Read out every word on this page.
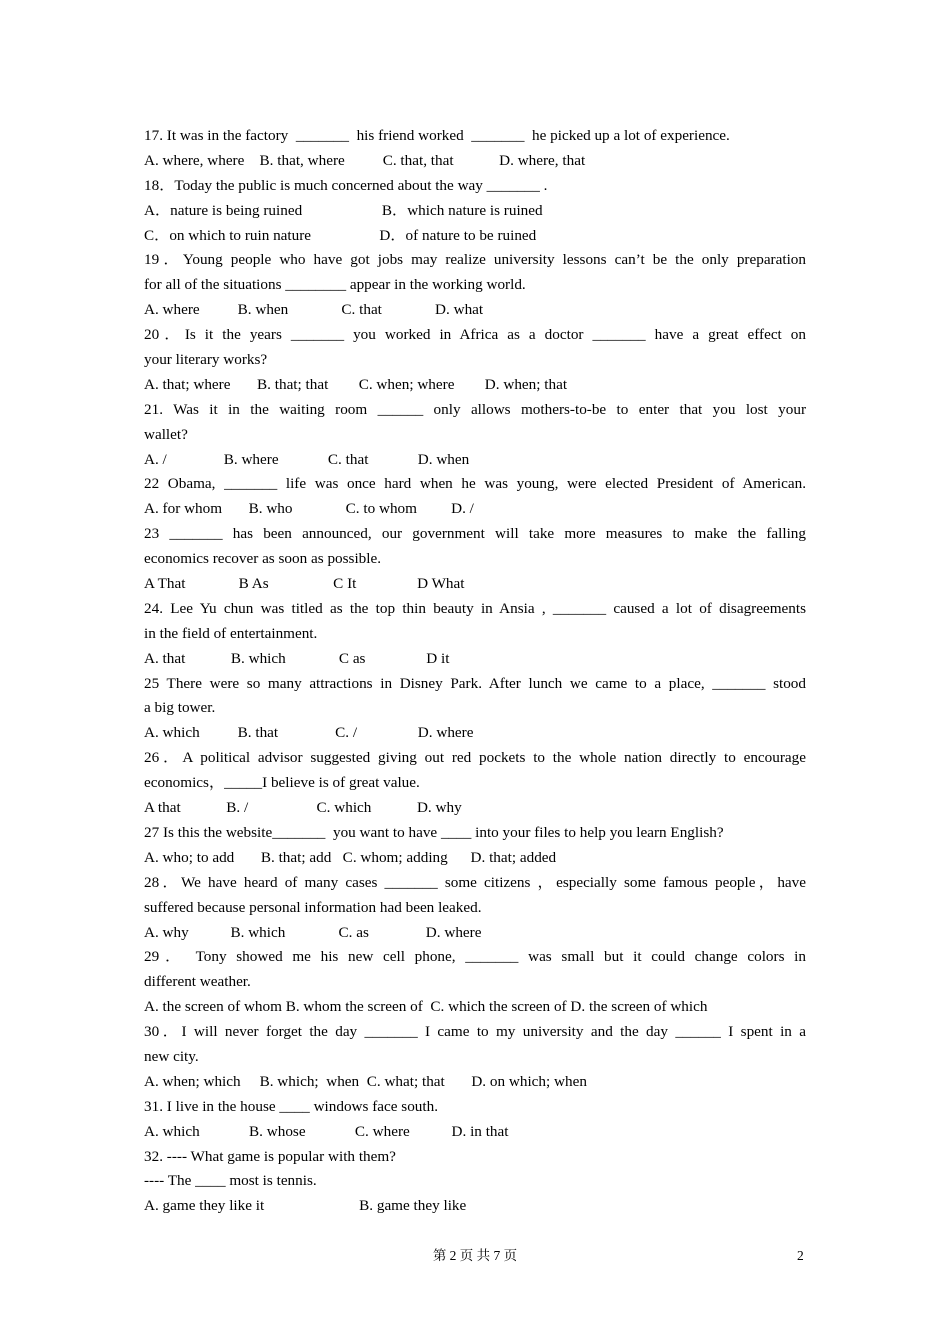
17. It was in the factory  _______  his friend worked  _______  he picked up a lot of experience.
A. where, where    B. that, where          C. that, that            D. where, that
18．Today the public is much concerned about the way _______ .
A．nature is being ruined                     B．which nature is ruined
C．on which to ruin nature                  D．of nature to be ruined
19．Young people who have got jobs may realize university lessons can’t be the only preparation
for all of the situations ________ appear in the working world.
A. where          B. when              C. that              D. what
20．Is it the years _______ you worked in Africa as a doctor _______ have a great effect on
your literary works?
A. that; where       B. that; that        C. when; where        D. when; that
21. Was it in the waiting room ______ only allows mothers-to-be to enter that you lost your
wallet?
A. /               B. where             C. that             D. when
22 Obama, _______ life was once hard when he was young, were elected President of American.
A. for whom       B. who              C. to whom         D. /
23 _______ has been announced, our government will take more measures to make the falling
economics recover as soon as possible.
A That              B As                 C It                D What
24. Lee Yu chun was titled as the top thin beauty in Ansia , _______ caused a lot of disagreements
in the field of entertainment.
A. that            B. which              C as                D it
25 There were so many attractions in Disney Park. After lunch we came to a place, _______ stood
a big tower.
A. which          B. that               C. /                D. where
26．A political advisor suggested giving out red pockets to the whole nation directly to encourage
economics，_____I believe is of great value.
A that            B. /                  C. which            D. why
27 Is this the website_______  you want to have ____ into your files to help you learn English?
A. who; to add       B. that; add   C. whom; adding      D. that; added
28．We have heard of many cases _______ some citizens ，especially some famous people，have
suffered because personal information had been leaked.
A. why           B. which              C. as               D. where
29． Tony showed me his new cell phone, _______ was small but it could change colors in
different weather.
A. the screen of whom B. whom the screen of  C. which the screen of D. the screen of which
30．I will never forget the day _______ I came to my university and the day ______ I spent in a
new city.
A. when; which     B. which;  when  C. what; that       D. on which; when
31. I live in the house ____ windows face south.
A. which             B. whose             C. where           D. in that
32. ---- What game is popular with them?
---- The ____ most is tennis.
A. game they like it                         B. game they like
第 2 页 共 7 页	2
